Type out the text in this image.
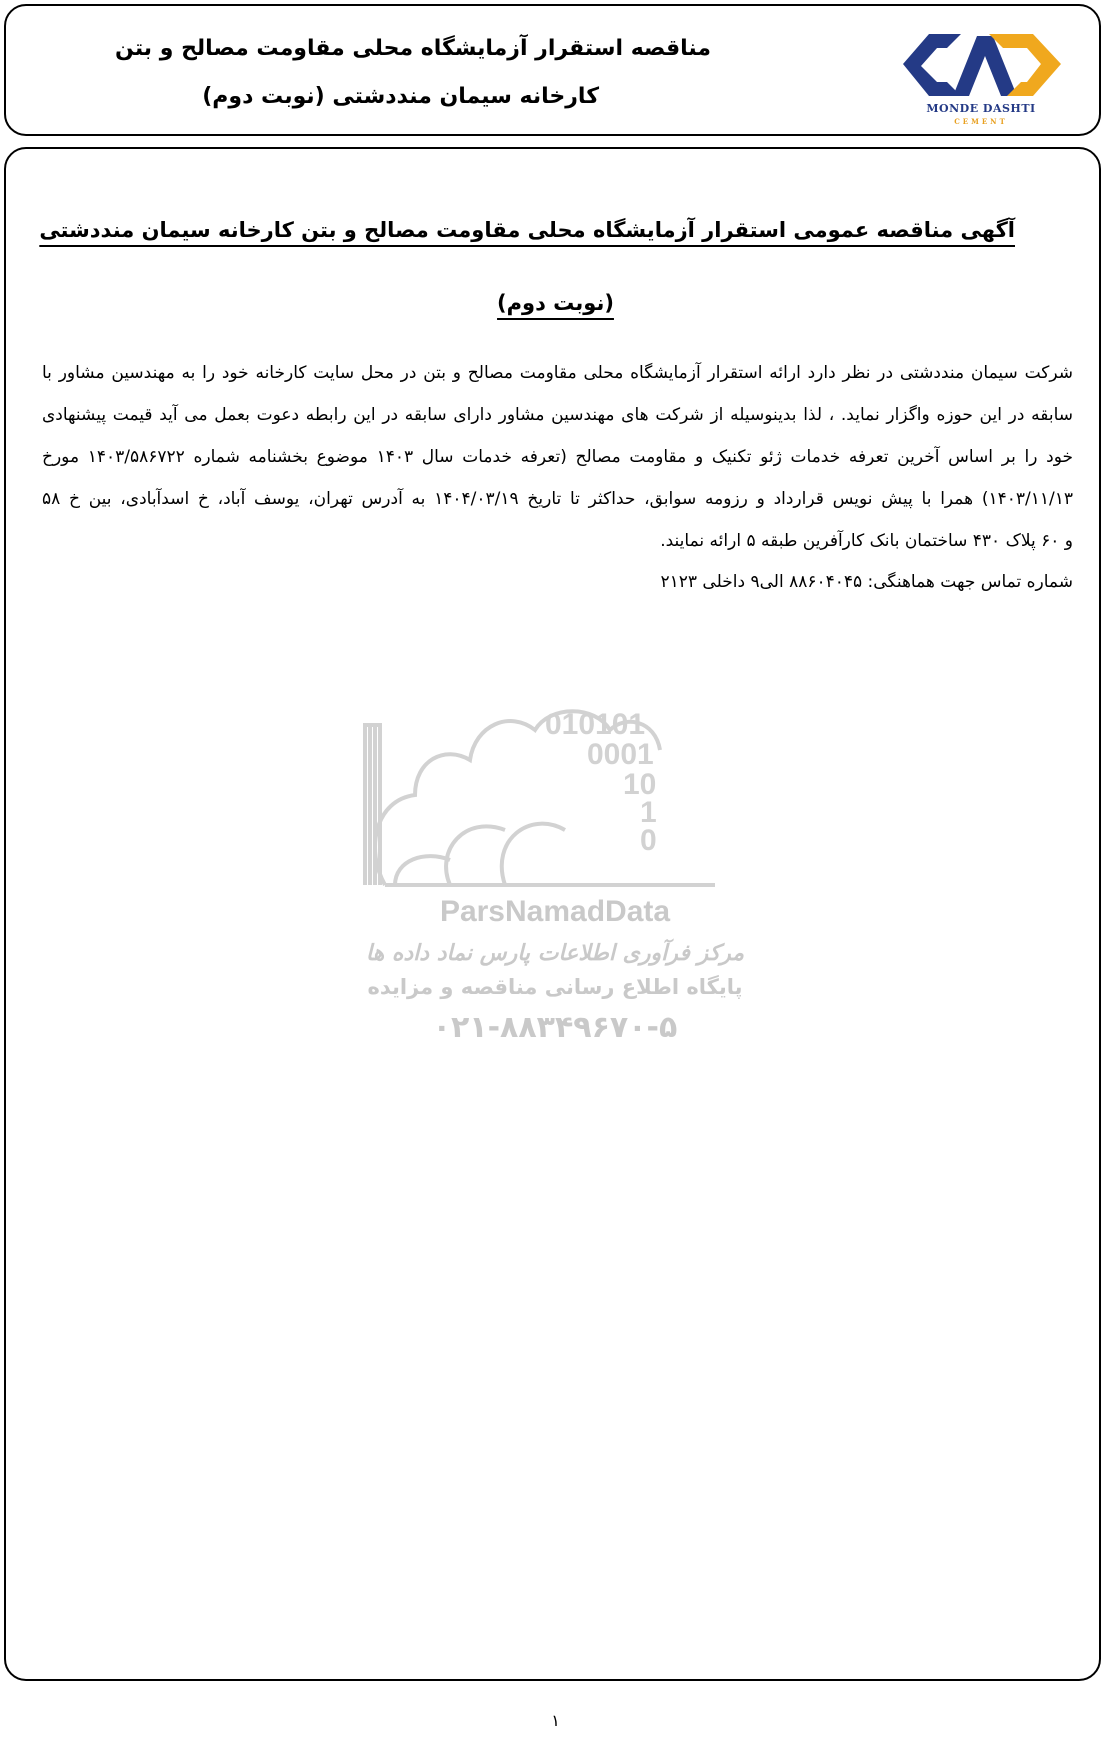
مناقصه استقرار آزمایشگاه محلی مقاومت مصالح و بتن
کارخانه سیمان منددشتی (نوبت دوم)	MONDE DASHTI
CEMENT
آگهی مناقصه عمومی استقرار آزمایشگاه محلی مقاومت مصالح و بتن کارخانه سیمان منددشتی
(نوبت دوم)
شرکت سیمان منددشتی در نظر دارد ارائه استقرار آزمایشگاه محلی مقاومت مصالح و بتن در محل سایت کارخانه خود را به مهندسین مشاور با
سابقه در این حوزه واگزار نماید. ، لذا بدینوسیله از شرکت های مهندسین مشاور دارای سابقه در این رابطه دعوت بعمل می آید قیمت پیشنهادی
خود را بر اساس آخرین تعرفه خدمات ژئو تکنیک و مقاومت مصالح (تعرفه خدمات سال ۱۴۰۳ موضوع بخشنامه شماره ۱۴۰۳/۵۸۶۷۲۲ مورخ
۱۴۰۳/۱۱/۱۳) همرا با پیش نویس قرارداد و رزومه سوابق، حداکثر تا تاریخ ۱۴۰۴/۰۳/۱۹ به آدرس تهران، یوسف آباد، خ اسدآبادی، بین خ ۵۸
و ۶۰ پلاک ۴۳۰ ساختمان بانک کارآفرین طبقه ۵ ارائه نمایند.
شماره تماس جهت هماهنگی: ۸۸۶۰۴۰۴۵ الی۹ داخلی ۲۱۲۳
010101
0001
10
1
0
ParsNamadData
مرکز فرآوری اطلاعات پارس نماد داده ها
پایگاه اطلاع رسانی مناقصه و مزایده
۰۲۱-۸۸۳۴۹۶۷۰-۵
۱
